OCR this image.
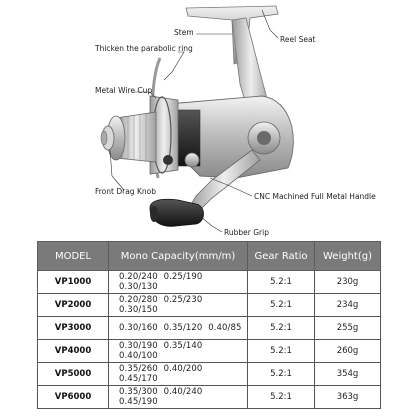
Stem
Reel Seat
Thicken the parabolic ring
Metal Wire Cup
Front Drag Knob
CNC Machined Full Metal Handle
Rubber Grip
MODEL	Mono Capacity(mm/m)	Gear Ratio	Weight(g)
VP1000	0.20/240 0.25/190 0.30/130	5.2:1	230g
VP2000	0.20/280 0.25/230 0.30/150	5.2:1	234g
VP3000	0.30/160 0.35/120 0.40/85	5.2:1	255g
VP4000	0.30/190 0.35/140 0.40/100	5.2:1	260g
VP5000	0.35/260 0.40/200 0.45/170	5.2:1	354g
VP6000	0.35/300 0.40/240 0.45/190	5.2:1	363g
